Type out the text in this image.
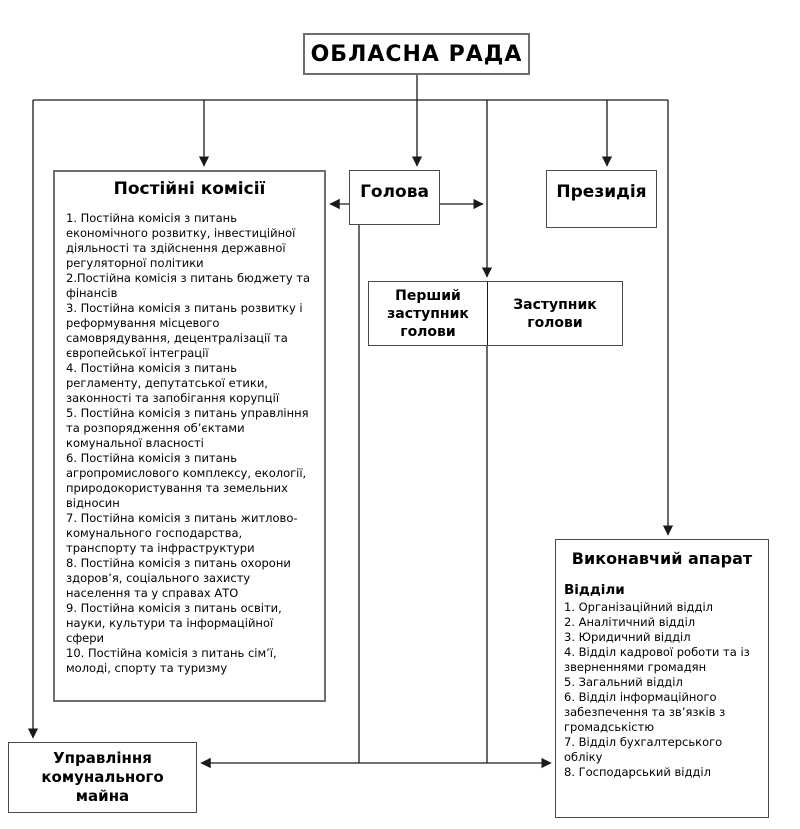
ОБЛАСНА РАДА
Постійні комісії
1. Постійна комісія з питань економічного розвитку, інвестиційної діяльності та здійснення державної регуляторної політики
2.Постійна комісія з питань бюджету та фінансів
3. Постійна комісія з питань розвитку і реформування місцевого самоврядування, децентралізації та європейської інтеграції
4. Постійна комісія з питань регламенту, депутатської етики, законності та запобігання корупції
5. Постійна комісія з питань управління та розпорядження об’єктами комунальної власності
6. Постійна комісія з питань агропромислового комплексу, екології, природокористування та земельних відносин
7. Постійна комісія з питань житлово-комунального господарства, транспорту та інфраструктури
8. Постійна комісія з питань охорони здоров’я, соціального захисту населення та у справах АТО
9. Постійна комісія з питань освіти, науки, культури та інформаційної сфери
10. Постійна комісія з питань сім’ї, молоді, спорту та туризму
Голова	Президія
Перший заступник голови
Заступник голови
Виконавчий апарат
Відділи
1. Організаційний відділ
2. Аналітичний відділ
3. Юридичний відділ
4. Відділ кадрової роботи та із зверненнями громадян
5. Загальний відділ
6. Відділ інформаційного забезпечення та зв’язків з громадськістю
7. Відділ бухгалтерського обліку
8. Господарський відділ
Управління комунального майна
